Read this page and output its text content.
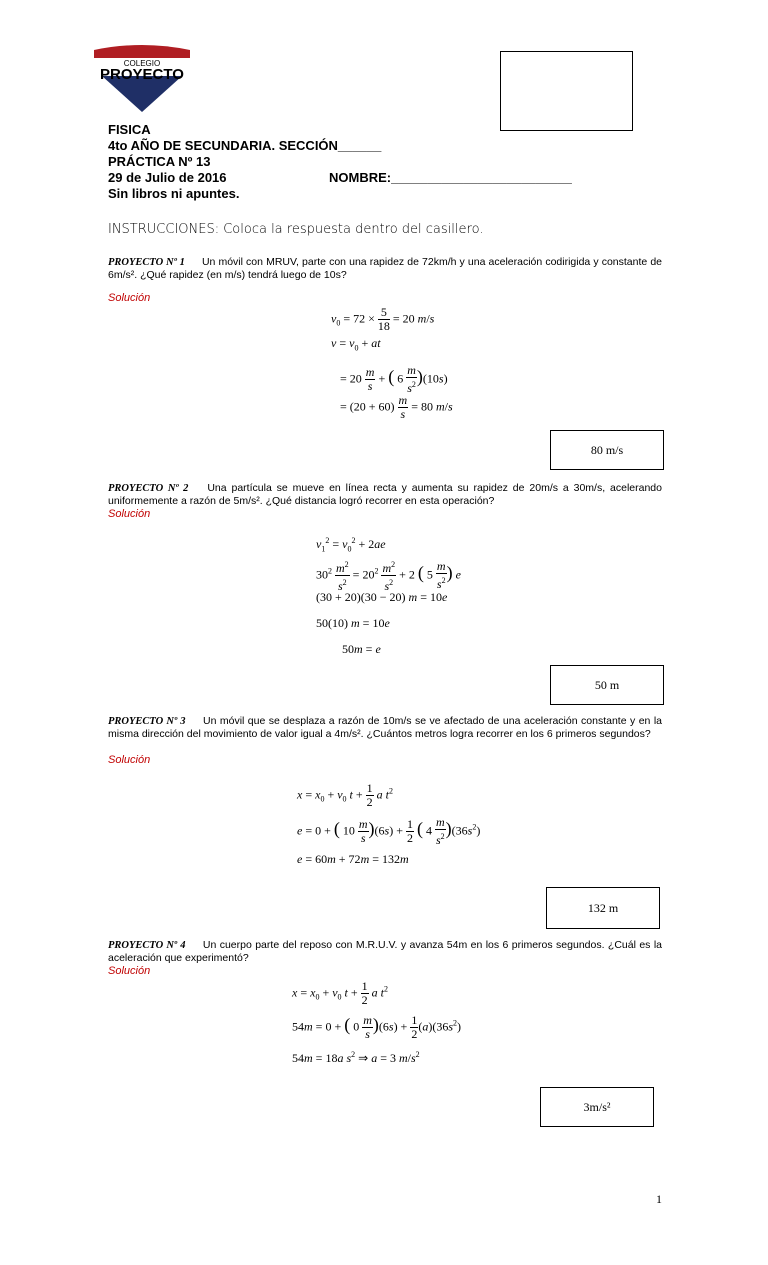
COLEGIO
PROYECTO
FISICA
4to AÑO DE SECUNDARIA. SECCIÓN______
PRÁCTICA Nº 13
29 de Julio de 2016	NOMBRE:_________________________
Sin libros ni apuntes.
INSTRUCCIONES: Coloca la respuesta dentro del casillero.
PROYECTO Nº 1 Un móvil con MRUV, parte con una rapidez de 72km/h y una aceleración codirigida y constante de 6m/s². ¿Qué rapidez (en m/s) tendrá luego de 10s?
Solución
$v_0 = 72 \times \frac{5}{18} = 20$ m/s
$v = v_0$ + at
= $20 \frac{m}{s}$ + ( $6 \frac{m}{s^2} )(10s)$
= $(20 + 60) \frac{m}{s} = 80$ m/s
80 m/s
PROYECTO Nº 2 Una partícula se mueve en línea recta y aumenta su rapidez de 20m/s a 30m/s, acelerando uniformemente a razón de 5m/s². ¿Qué distancia logró recorrer en esta operación?
Solución
$v_1^2 = v_0^2 + 2ae$
$30^2 \frac{m^2}{s^2} = 20^2 \frac{m^2}{s^2} + 2$ ( $5 \frac{m}{s^2}$ ) e
(30 + 20)(30 − 20) m = 10e
50(10) m = 10e
50m = e
50 m
PROYECTO Nº 3 Un móvil que se desplaza a razón de 10m/s se ve afectado de una aceleración constante y en la misma dirección del movimiento de valor igual a 4m/s². ¿Cuántos metros logra recorrer en los 6 primeros segundos?
Solución
$x = x_0 + v_0$ $t + \frac{1}{2}$ a $t^2$
e = 0 + ( $10 \frac{m}{s} )(6s) + \frac{1}{2}$ ( $4 \frac{m}{s^2} )(36s^2)$
e = 60m + 72m = 132m
132 m
PROYECTO Nº 4 Un cuerpo parte del reposo con M.R.U.V. y avanza 54m en los 6 primeros segundos. ¿Cuál es la aceleración que experimentó?
Solución
$x = x_0 + v_0$ $t + \frac{1}{2}$ a $t^2$
54m = 0 + ( $0 \frac{m}{s} )(6s) + \frac{1}{2} (a)(36s^2)$
54m = 18a $s^2$ ⇒ a = 3 $m/s^2$
3m/s²
1
